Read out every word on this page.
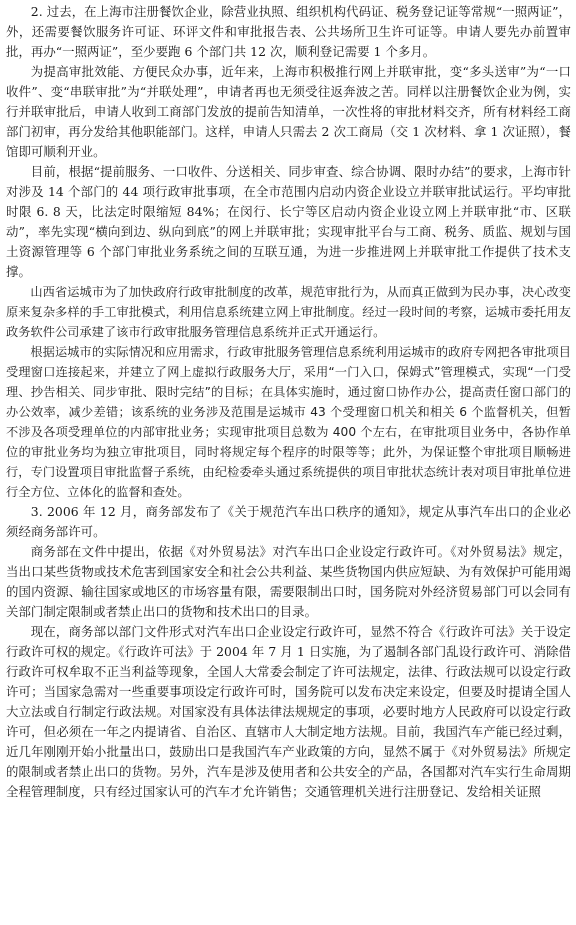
2. 过去，在上海市注册餐饮企业，除营业执照、组织机构代码证、税务登记证等常规“一照两证”，外，还需要餐饮服务许可证、环评文件和审批报告表、公共场所卫生许可证等。申请人要先办前置审批，再办“一照两证”，至少要跑 6 个部门共 12 次，顺利登记需要 1 个多月。

为提高审批效能、方便民众办事，近年来，上海市积极推行网上并联审批，变“多头送审”为“一口收件”、变“串联审批”为“并联处理”，申请者再也无须受往返奔波之苦。同样以注册餐饮企业为例，实行并联审批后，申请人收到工商部门发放的提前告知清单，一次性将的审批材料交齐，所有材料经工商部门初审，再分发给其他职能部门。这样，申请人只需去 2 次工商局（交 1 次材料、拿 1 次证照），餐馆即可顺利开业。

目前，根据“提前服务、一口收件、分送相关、同步审查、综合协调、限时办结”的要求，上海市针对涉及 14 个部门的 44 项行政审批事项，在全市范围内启动内资企业设立并联审批试运行。平均审批时限 6. 8 天，比法定时限缩短 84%；在闵行、长宁等区启动内资企业设立网上并联审批“市、区联动”，率先实现“横向到边、纵向到底”的网上并联审批；实现审批平台与工商、税务、质监、规划与国土资源管理等 6 个部门审批业务系统之间的互联互通，为进一步推进网上并联审批工作提供了技术支撑。

山西省运城市为了加快政府行政审批制度的改革，规范审批行为，从而真正做到为民办事，决心改变原来复杂多样的手工审批模式，利用信息系统建立网上审批制度。经过一段时间的考察，运城市委托用友政务软件公司承建了该市行政审批服务管理信息系统并正式开通运行。

根据运城市的实际情况和应用需求，行政审批服务管理信息系统利用运城市的政府专网把各审批项目受理窗口连接起来，并建立了网上虚拟行政服务大厅，采用“一门入口，保姆式”管理模式，实现“一门受理、抄告相关、同步审批、限时完结”的目标；在具体实施时，通过窗口协作办公，提高责任窗口部门的办公效率，减少差错；该系统的业务涉及范围是运城市 43 个受理窗口机关和相关 6 个监督机关，但暂不涉及各项受理单位的内部审批业务；实现审批项目总数为 400 个左右，在审批项目业务中，各协作单位的审批业务均为独立审批项目，同时将规定每个程序的时限等等；此外，为保证整个审批项目顺畅进行，专门设置项目审批监督子系统，由纪检委牵头通过系统提供的项目审批状态统计表对项目审批单位进行全方位、立体化的监督和查处。

3. 2006 年 12 月，商务部发布了《关于规范汽车出口秩序的通知》，规定从事汽车出口的企业必须经商务部许可。

商务部在文件中提出，依据《对外贸易法》对汽车出口企业设定行政许可。《对外贸易法》规定，当出口某些货物或技术危害到国家安全和社会公共利益、某些货物国内供应短缺、为有效保护可能用竭的国内资源、输往国家或地区的市场容量有限，需要限制出口时，国务院对外经济贸易部门可以会同有关部门制定限制或者禁止出口的货物和技术出口的目录。

现在，商务部以部门文件形式对汽车出口企业设定行政许可，显然不符合《行政许可法》关于设定行政许可权的规定。《行政许可法》于 2004 年 7 月 1 日实施，为了遏制各部门乱设行政许可、消除借行政许可权牟取不正当利益等现象，全国人大常委会制定了许可法规定，法律、行政法规可以设定行政许可；当国家急需对一些重要事项设定行政许可时，国务院可以发布决定来设定，但要及时提请全国人大立法或自行制定行政法规。对国家没有具体法律法规规定的事项，必要时地方人民政府可以设定行政许可，但必须在一年之内提请省、自治区、直辖市人大制定地方法规。目前，我国汽车产能已经过剩，近几年刚刚开始小批量出口，鼓励出口是我国汽车产业政策的方向，显然不属于《对外贸易法》所规定的限制或者禁止出口的货物。另外，汽车是涉及使用者和公共安全的产品，各国都对汽车实行生命周期全程管理制度，只有经过国家认可的汽车才允许销售；交通管理机关进行注册登记、发给相关证照
